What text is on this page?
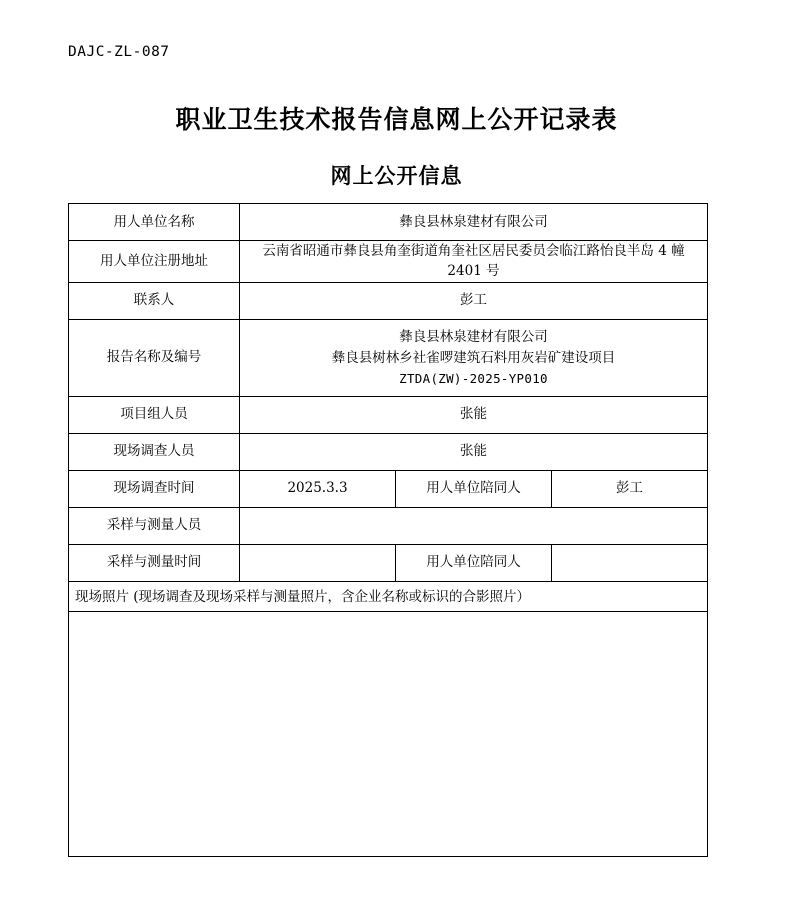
DAJC-ZL-087
职业卫生技术报告信息网上公开记录表
网上公开信息
用人单位名称	彝良县林泉建材有限公司		
用人单位注册地址	云南省昭通市彝良县角奎街道角奎社区居民委员会临江路怡良半岛 4 幢 2401 号		
联系人	彭工		
报告名称及编号	彝良县林泉建材有限公司
彝良县树林乡社雀啰建筑石料用灰岩矿建设项目
ZTDA(ZW)-2025-YP010		

项目组人员	张能		
现场调查人员	张能		
现场调查时间	2025.3.3	用人单位陪同人	彭工
采样与测量人员			
采样与测量时间		用人单位陪同人	
现场照片 (现场调查及现场采样与测量照片，含企业名称或标识的合影照片）
